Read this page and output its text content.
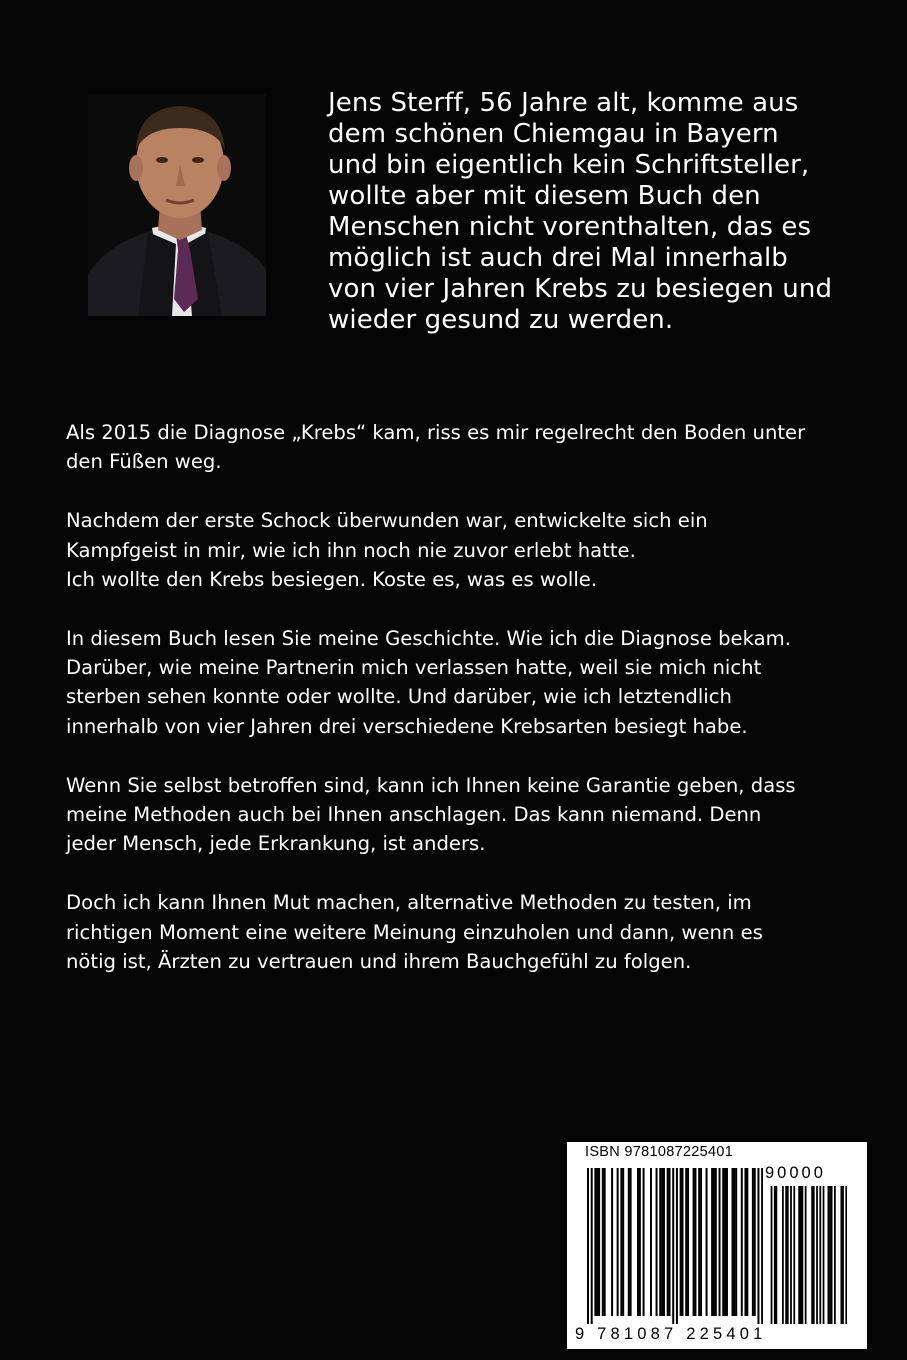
Jens Sterff, 56 Jahre alt, komme aus
dem schönen Chiemgau in Bayern
und bin eigentlich kein Schriftsteller,
wollte aber mit diesem Buch den
Menschen nicht vorenthalten, das es
möglich ist auch drei Mal innerhalb
von vier Jahren Krebs zu besiegen und
wieder gesund zu werden.

Als 2015 die Diagnose „Krebs“ kam, riss es mir regelrecht den Boden unter
den Füßen weg.

Nachdem der erste Schock überwunden war, entwickelte sich ein
Kampfgeist in mir, wie ich ihn noch nie zuvor erlebt hatte.
Ich wollte den Krebs besiegen. Koste es, was es wolle.

In diesem Buch lesen Sie meine Geschichte. Wie ich die Diagnose bekam.
Darüber, wie meine Partnerin mich verlassen hatte, weil sie mich nicht
sterben sehen konnte oder wollte. Und darüber, wie ich letztendlich
innerhalb von vier Jahren drei verschiedene Krebsarten besiegt habe.

Wenn Sie selbst betroffen sind, kann ich Ihnen keine Garantie geben, dass
meine Methoden auch bei Ihnen anschlagen. Das kann niemand. Denn
jeder Mensch, jede Erkrankung, ist anders.

Doch ich kann Ihnen Mut machen, alternative Methoden zu testen, im
richtigen Moment eine weitere Meinung einzuholen und dann, wenn es
nötig ist, Ärzten zu vertrauen und ihrem Bauchgefühl zu folgen.

ISBN 9781087225401
90000
9 781087 225401
